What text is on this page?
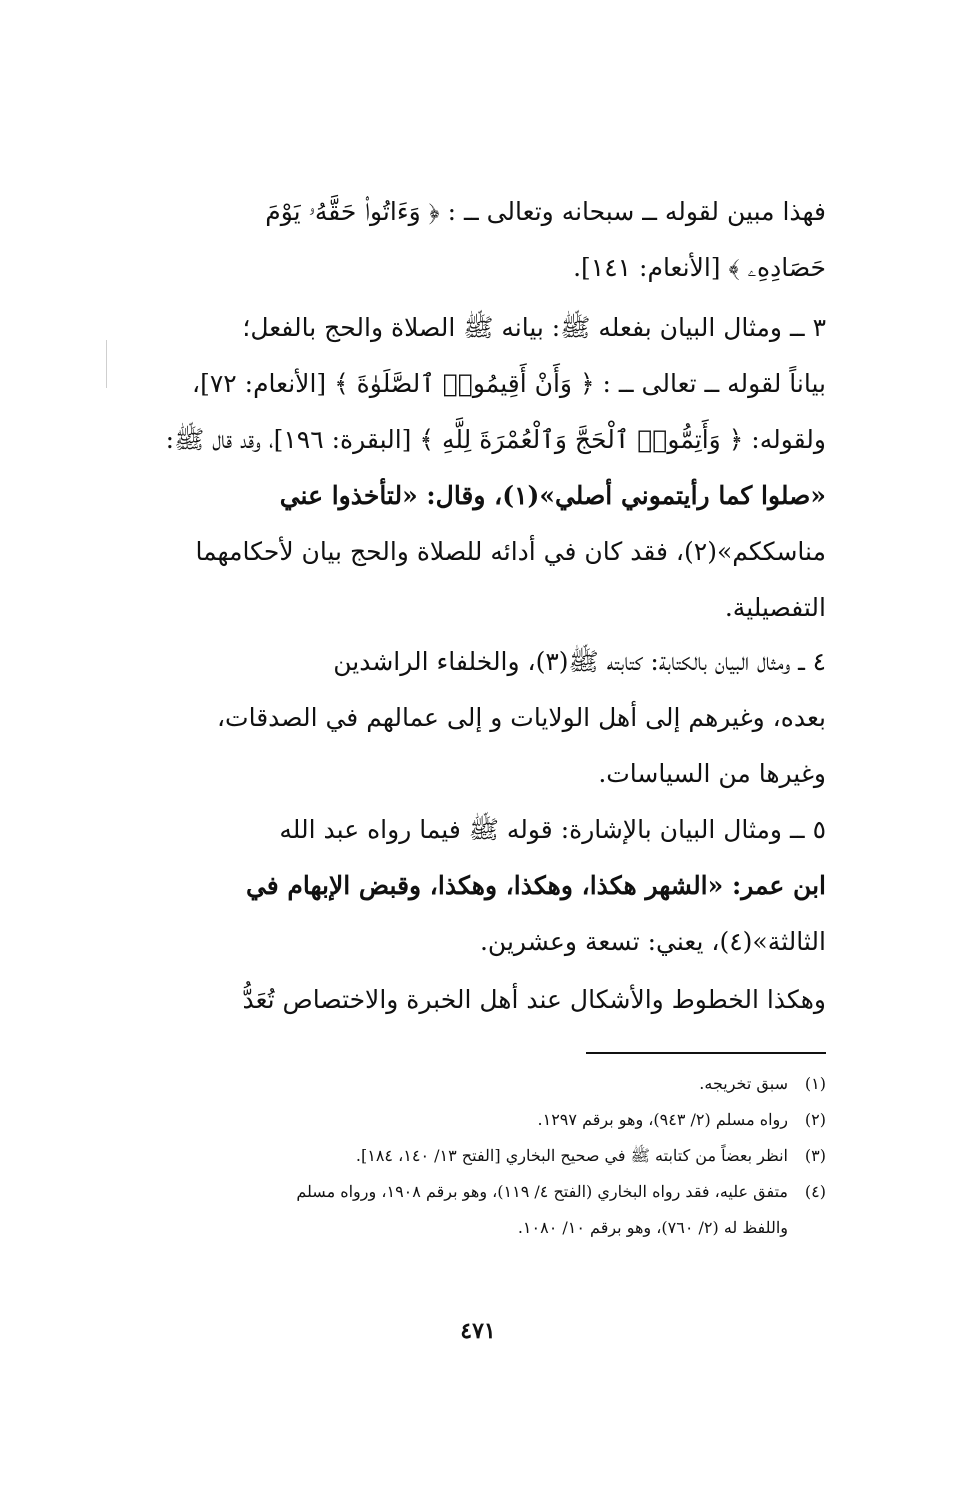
فهذا مبين لقوله ــ سبحانه وتعالى ــ : ﴿ وَءَاتُوا۟ حَقَّهُۥ يَوْمَ
حَصَادِهِۦ ﴾ [الأنعام: ١٤١].
٣ ــ ومثال البيان بفعله ﷺ: بيانه ﷺ الصلاة والحج بالفعل؛
بياناً لقوله ــ تعالى ــ : ﴿ وَأَنْ أَقِيمُوا۟ ٱلصَّلَوٰةَ ﴾ [الأنعام: ٧٢]،
ولقوله: ﴿ وَأَتِمُّوا۟ ٱلْحَجَّ وَٱلْعُمْرَةَ لِلَّهِ ﴾ [البقرة: ١٩٦]، وقد قال ﷺ:
«صلوا كما رأيتموني أصلي»(١)، وقال: «لتأخذوا عني
مناسككم»(٢)، فقد كان في أدائه للصلاة والحج بيان لأحكامهما
التفصيلية.
٤ ــ ومثال البيان بالكتابة: كتابته ﷺ(٣)، والخلفاء الراشدين
بعده، وغيرهم إلى أهل الولايات و إلى عمالهم في الصدقات،
وغيرها من السياسات.
٥ ــ ومثال البيان بالإشارة: قوله ﷺ فيما رواه عبد الله
ابن عمر: «الشهر هكذا، وهكذا، وهكذا، وقبض الإبهام في
الثالثة»(٤)، يعني: تسعة وعشرين.
وهكذا الخطوط والأشكال عند أهل الخبرة والاختصاص تُعَدُّ
(١)
سبق تخريجه.
(٢)
رواه مسلم (٢/ ٩٤٣)، وهو برقم ١٢٩٧.
(٣)
انظر بعضاً من كتابته ﷺ في صحيح البخاري [الفتح ١٣/ ١٤٠، ١٨٤].
(٤)
متفق عليه، فقد رواه البخاري (الفتح ٤/ ١١٩)، وهو برقم ١٩٠٨، ورواه مسلم
واللفظ له (٢/ ٧٦٠)، وهو برقم ١٠/ ١٠٨٠.
٤٧١
